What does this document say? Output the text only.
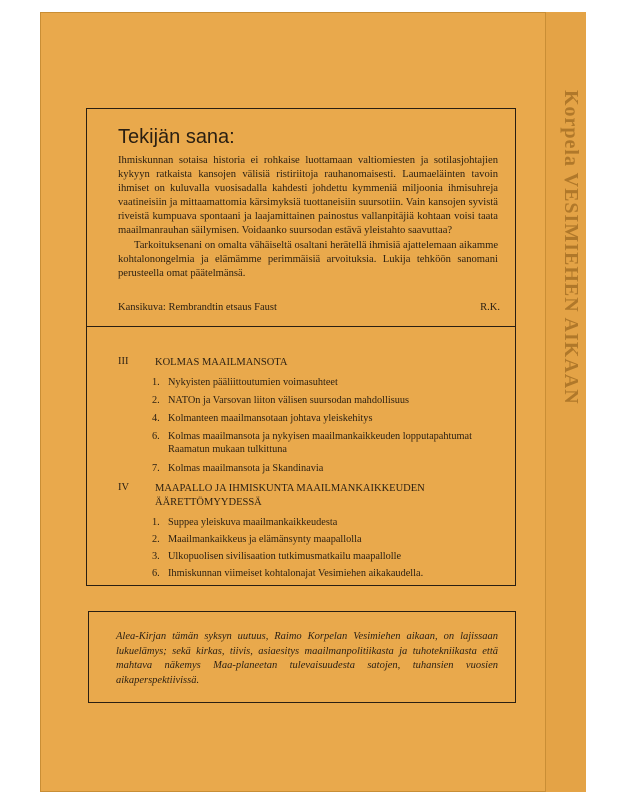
Korpela VESIMIEHEN AIKAAN
Tekijän sana:

Ihmiskunnan sotaisa historia ei rohkaise luottamaan valtiomiesten ja sotilasjohtajien kykyyn ratkaista kansojen välisiä ristiriitoja rauhanomaisesti. Laumaeläinten tavoin ihmiset on kuluvalla vuosisadalla kahdesti johdettu kymmeniä miljoonia ihmisuhreja vaatineisiin ja mittaamattomia kärsimyksiä tuottaneisiin suursotiin. Vain kansojen syvistä riveistä kumpuava spontaani ja laajamittainen painostus vallanpitäjiä kohtaan voisi taata maailmanrauhan säilymisen. Voidaanko suursodan estävä yleistahto saavuttaa?

Tarkoituksenani on omalta vähäiseltä osaltani herätellä ihmisiä ajattelemaan aikamme kohtalonongelmia ja elämämme perimmäisiä arvoituksia. Lukija tehköön sanomani perusteella omat päätelmänsä.

Kansikuva: Rembrandtin etsaus Faust	R.K.
III	KOLMAS MAAILMANSOTA
1. Nykyisten pääliittoutumien voimasuhteet
2. NATOn ja Varsovan liiton välisen suursodan mahdollisuus
4. Kolmanteen maailmansotaan johtava yleiskehitys
6. Kolmas maailmansota ja nykyisen maailmankaikkeuden lopputapahtumat Raamatun mukaan tulkittuna
7. Kolmas maailmansota ja Skandinavia
IV MAAPALLO JA IHMISKUNTA MAAILMANKAIKKEUDEN ÄÄRETTÖMYYDESSÄ
1. Suppea yleiskuva maailmankaikkeudesta
2. Maailmankaikkeus ja elämänsynty maapallolla
3. Ulkopuolisen sivilisaation tutkimusmatkailu maapallolle
6. Ihmiskunnan viimeiset kohtalonajat Vesimiehen aikakaudella.
Alea-Kirjan tämän syksyn uutuus, Raimo Korpelan Vesimiehen aikaan, on lajissaan lukuelämys; sekä kirkas, tiivis, asiaesitys maailmanpolitiikasta ja tuhotekniikasta että mahtava näkemys Maa-planeetan tulevaisuudesta satojen, tuhansien vuosien aikaperspektiivissä.
